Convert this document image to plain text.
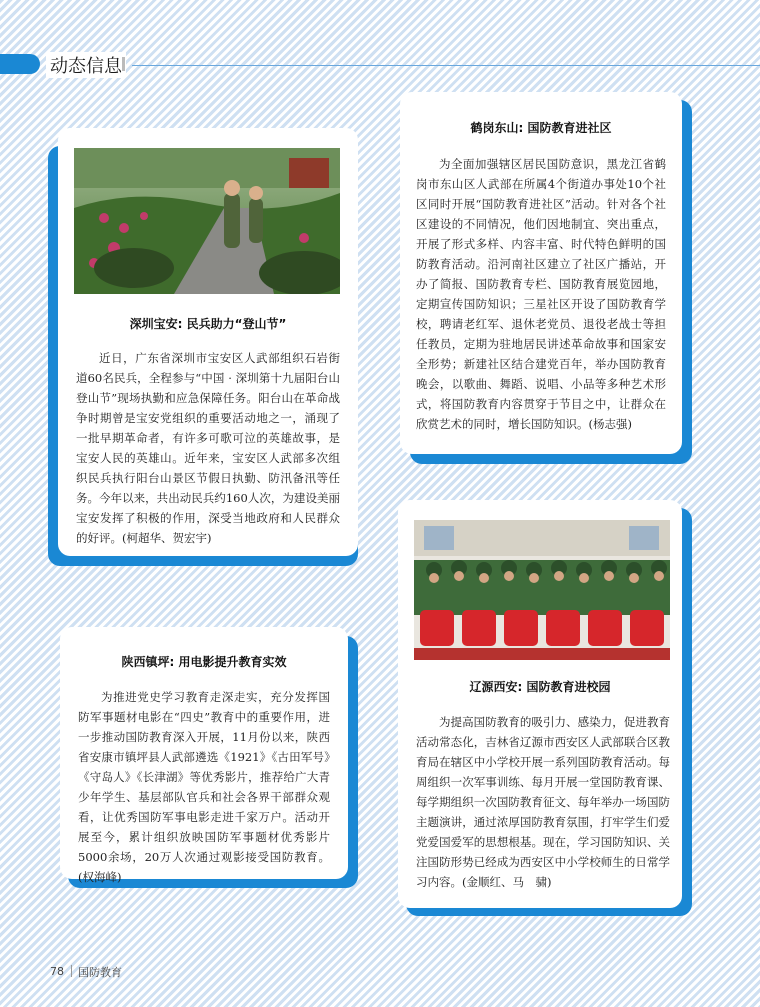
动态信息
深圳宝安: 民兵助力“登山节”
近日，广东省深圳市宝安区人武部组织石岩街道60名民兵，全程参与“中国 · 深圳第十九届阳台山登山节”现场执勤和应急保障任务。阳台山在革命战争时期曾是宝安党组织的重要活动地之一，涌现了一批早期革命者，有许多可歌可泣的英雄故事，是宝安人民的英雄山。近年来，宝安区人武部多次组织民兵执行阳台山景区节假日执勤、防汛备汛等任务。今年以来，共出动民兵约160人次，为建设美丽宝安发挥了积极的作用，深受当地政府和人民群众的好评。(柯超华、贺宏宇)
鹤岗东山: 国防教育进社区
为全面加强辖区居民国防意识，黑龙江省鹤岗市东山区人武部在所属4个街道办事处10个社区同时开展“国防教育进社区”活动。针对各个社区建设的不同情况，他们因地制宜、突出重点，开展了形式多样、内容丰富、时代特色鲜明的国防教育活动。沿河南社区建立了社区广播站，开办了简报、国防教育专栏、国防教育展览园地，定期宣传国防知识；三星社区开设了国防教育学校，聘请老红军、退休老党员、退役老战士等担任教员，定期为驻地居民讲述革命故事和国家安全形势；新建社区结合建党百年，举办国防教育晚会，以歌曲、舞蹈、说唱、小品等多种艺术形式，将国防教育内容贯穿于节目之中，让群众在欣赏艺术的同时，增长国防知识。(杨志强)
陕西镇坪: 用电影提升教育实效
为推进党史学习教育走深走实，充分发挥国防军事题材电影在“四史”教育中的重要作用，进一步推动国防教育深入开展，11月份以来，陕西省安康市镇坪县人武部遴选《1921》《古田军号》《守岛人》《长津湖》等优秀影片，推荐给广大青少年学生、基层部队官兵和社会各界干部群众观看，让优秀国防军事电影走进千家万户。活动开展至今，累计组织放映国防军事题材优秀影片5000余场，20万人次通过观影接受国防教育。(权海峰)
辽源西安: 国防教育进校园
为提高国防教育的吸引力、感染力，促进教育活动常态化，吉林省辽源市西安区人武部联合区教育局在辖区中小学校开展一系列国防教育活动。每周组织一次军事训练、每月开展一堂国防教育课、每学期组织一次国防教育征文、每年举办一场国防主题演讲，通过浓厚国防教育氛围，打牢学生们爱党爱国爱军的思想根基。现在，学习国防知识、关注国防形势已经成为西安区中小学校师生的日常学习内容。(金顺红、马　骕)
78 国防教育
